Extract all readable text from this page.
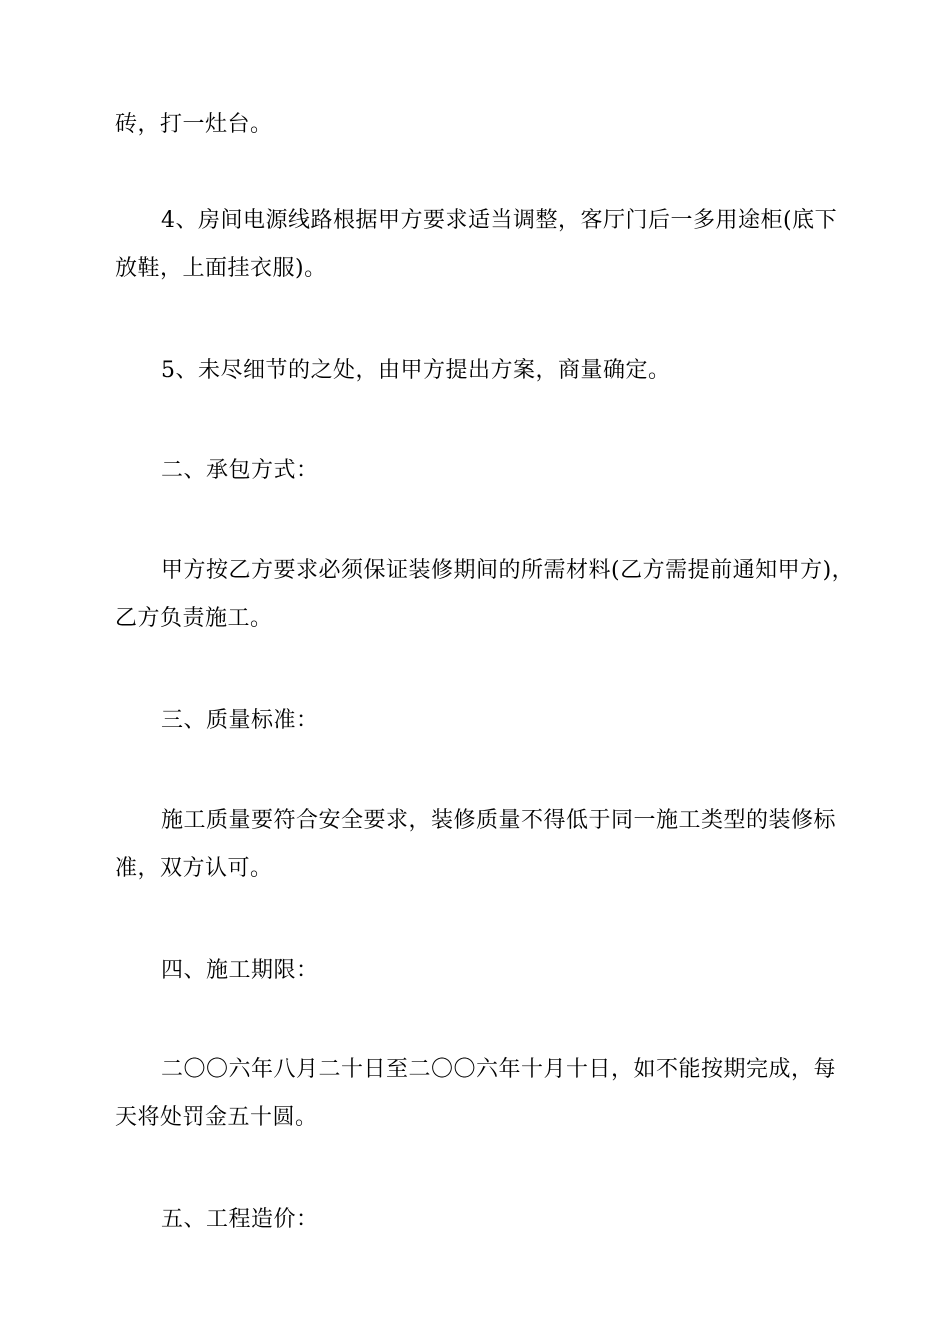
砖，打一灶台。

4、房间电源线路根据甲方要求适当调整，客厅门后一多用途柜(底下
放鞋，上面挂衣服)。

5、未尽细节的之处，由甲方提出方案，商量确定。

二、承包方式：

甲方按乙方要求必须保证装修期间的所需材料(乙方需提前通知甲方)，
乙方负责施工。

三、质量标准：

施工质量要符合安全要求，装修质量不得低于同一施工类型的装修标
准，双方认可。

四、施工期限：

二〇〇六年八月二十日至二〇〇六年十月十日，如不能按期完成，每
天将处罚金五十圆。

五、工程造价：
